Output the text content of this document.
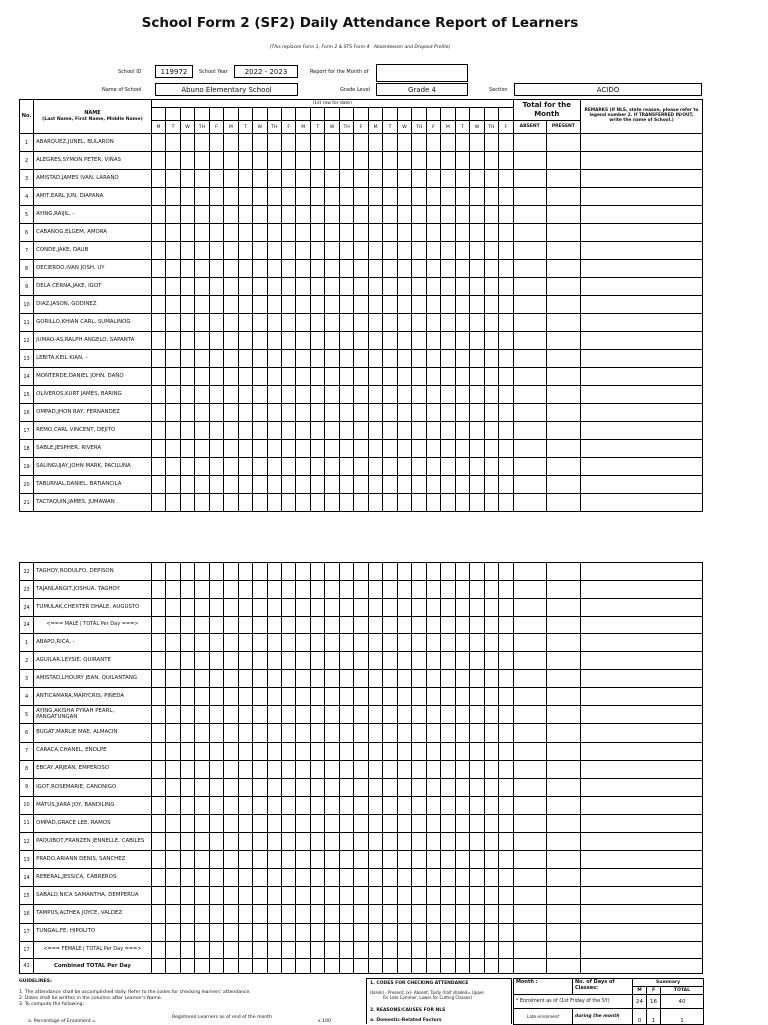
School Form 2 (SF2) Daily Attendance Report of Learners
(This replaces Form 1, Form 2 & STS Form 4 - Absenteeism and Dropout Profile)
School ID	119972	School Year	2022 - 2023	Report for the Month of
Name of School	Abuno Elementary School	Grade Level	Grade 4	Section	ACIDO
No.	NAME
(Last Name, First Name, Middle Name)	(1st row for date)																									Total for the Month		REMARKS (If NLS, state reason, please refer to legend number 2. If TRANSFERRED IN/OUT, write the name of School.)

		M	T	W	TH	F	M	T	W	TH	F	M	T	W	TH	F	M	T	W	TH	F	M	T	W	TH	F	ABSENT	PRESENT	
1	ABARQUEZ,JUNEL, BULARON																												
2	ALEGRES,SYMON PETER, VIÑAS																												
3	AMISTAD,JAMES IVAN, LARAÑO																												
4	AMIT,EARL JUN, DIAPANA																												
5	AYING,RAIJIL, -																												
6	CABAÑOG,ELGEM, AMORA																												
7	CONDE,JAKE, DAUB																												
8	DECIERDO,IVAN JOSH, UY																												
9	DELA CERNA,JAKE, IGOT																												
10	DIAZ,JASON, GODINEZ																												
11	GORILLO,KHIAN CARL, SUMALINOG																												
12	JUMAO-AS,RALPH ANGELO, SAPANTA																												
13	LEBITA,KEIL KIAN, -																												
14	MONTERDE,DANIEL JOHN, DAÑO																												
15	OLIVEROS,KURT JAMES, BARING																												
16	OMPAD,JHON RAY, FERNANDEZ																												
17	REMO,CARL VINCENT, DEJITO																												
18	SABLE,JESPHER, RIVERA																												
19	SALINGUJAY,JOHN MARK, PACILUNA																												
20	TABURNAL,DANIEL, BATIANCILA																												
21	TACTAQUIN,JAMES, JUMAWAN																												
22	TAGHOY,RODULFO, DEPISON																												
23	TAJANLANGIT,JOSHUA, TAGHOY																												
24	TUMULAK,CHEXTER DHALE, AUGUSTO																												
24	<=== MALE | TOTAL Per Day ===>																												
1	ABAPO,RICA, -																												
2	AGUILAR,LEYSIE, QUIRANTE																												
3	AMISTAD,LHOURY JEAN, QUILANTANG																												
4	ANTICAMARA,MARYCRIS, PIÑEDA																												
5	AYING,AKISHA PYRAH PEARL, PANGATUNGAN																												
6	BUGAT,MARLIE MAE, ALMACIN																												
7	CARACA,CHANEL, ENOLPE																												
8	EBCAY,ARJEAN, EMPEROSO																												
9	IGOT,ROSEMARIE, CANONIGO																												
10	MATUS,JIARA JOY, BANDILING																												
11	OMPAD,GRACE LEE, RAMOS																												
12	PAQUIBOT,FRANZEN JENNELLE, CABILES																												
13	PRADO,ARIANN DENIS, SANCHEZ																												
14	REBERAL,JESSICA, CABREROS																												
15	SABALO,NICA SAMANTHA, DEMPERUA																												
16	TAMPUS,ALTHEA JOYCE, VALDEZ																												
17	TUNGAL,FE, HIPOLITO																												
17	<=== FEMALE | TOTAL Per Day ===>																												
41	Combined TOTAL Per Day																												
GUIDELINES:
1. The attendance shall be accomplished daily. Refer to the codes for checking learners' attendance.
2. Dates shall be written in the columns after Learner's Name.
3. To compute the following:
a. Percentage of Enrolment =
Registered Learners as of end of the month
x 100
1. CODES FOR CHECKING ATTENDANCE
(blank) - Present; (x)- Absent; Tardy (half shaded= Upper
for Late Commer, Lower for Cutting Classes)
2. REASONS/CAUSES FOR NLS
a. Domestic-Related Factors
Month :	No. of Days of Classes:	Summary		
		M	F	TOTAL
* Enrolment as of (1st Friday of the SY)		24	16	40
Late enrolment	during the month	0	1	1
